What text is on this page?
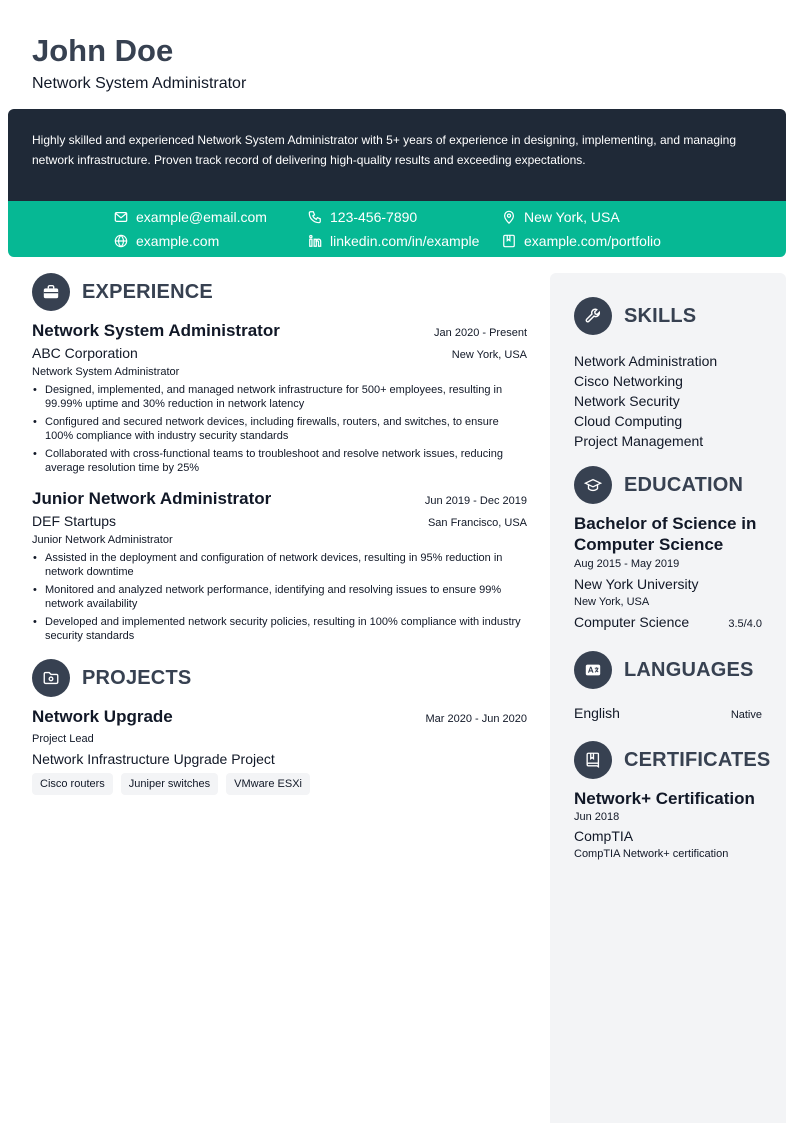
John Doe
Network System Administrator
Highly skilled and experienced Network System Administrator with 5+ years of experience in designing, implementing, and managing network infrastructure. Proven track record of delivering high-quality results and exceeding expectations.
example@email.com	123-456-7890	New York, USA
example.com	linkedin.com/in/example	example.com/portfolio
EXPERIENCE
Network System Administrator	Jan 2020 - Present
ABC Corporation	New York, USA
Network System Administrator
• Designed, implemented, and managed network infrastructure for 500+ employees, resulting in 99.99% uptime and 30% reduction in network latency
• Configured and secured network devices, including firewalls, routers, and switches, to ensure 100% compliance with industry security standards
• Collaborated with cross-functional teams to troubleshoot and resolve network issues, reducing average resolution time by 25%
Junior Network Administrator	Jun 2019 - Dec 2019
DEF Startups	San Francisco, USA
Junior Network Administrator
• Assisted in the deployment and configuration of network devices, resulting in 95% reduction in network downtime
• Monitored and analyzed network performance, identifying and resolving issues to ensure 99% network availability
• Developed and implemented network security policies, resulting in 100% compliance with industry security standards
PROJECTS
Network Upgrade	Mar 2020 - Jun 2020
Project Lead
Network Infrastructure Upgrade Project
Cisco routers	Juniper switches	VMware ESXi
SKILLS
Network Administration
Cisco Networking
Network Security
Cloud Computing
Project Management
EDUCATION
Bachelor of Science in Computer Science
Aug 2015 - May 2019
New York University
New York, USA
Computer Science	3.5/4.0
LANGUAGES
English	Native
CERTIFICATES
Network+ Certification
Jun 2018
CompTIA
CompTIA Network+ certification
